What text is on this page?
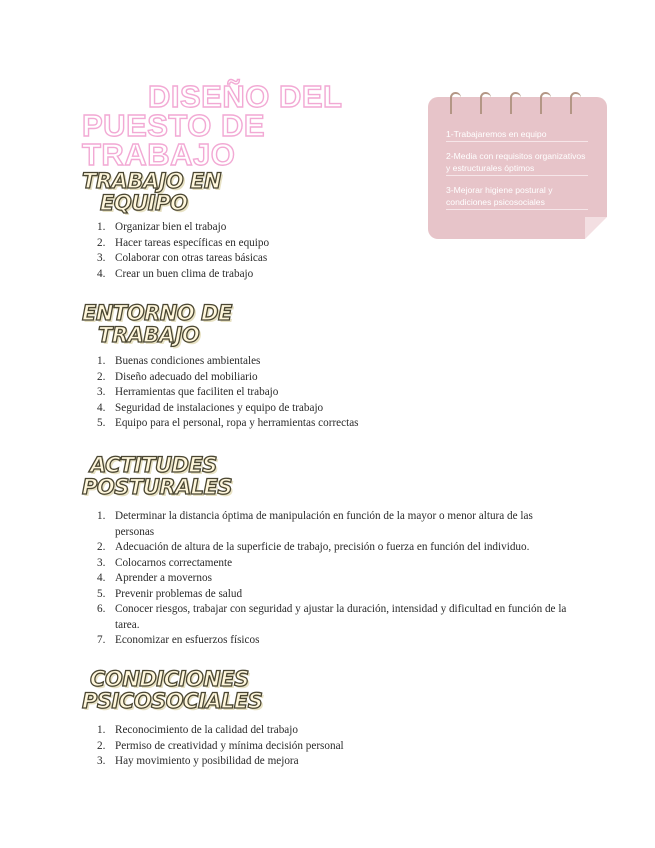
DISEÑO DEL
PUESTO DE TRABAJO
1-Trabajaremos en equipo
2-Media con requisitos organizativos y estructurales óptimos
3-Mejorar higiene postural y condiciones psicosociales
TRABAJO EN
EQUIPO
1. Organizar bien el trabajo
2. Hacer tareas específicas en equipo
3. Colaborar con otras tareas básicas
4. Crear un buen clima de trabajo
ENTORNO DE
TRABAJO
1. Buenas condiciones ambientales
2. Diseño adecuado del mobiliario
3. Herramientas que faciliten el trabajo
4. Seguridad de instalaciones y equipo de trabajo
5. Equipo para el personal, ropa y herramientas correctas
ACTITUDES
POSTURALES
1. Determinar la distancia óptima de manipulación en función de la mayor o menor altura de las personas
2. Adecuación de altura de la superficie de trabajo, precisión o fuerza en función del individuo.
3. Colocarnos correctamente
4. Aprender a movernos
5. Prevenir problemas de salud
6. Conocer riesgos, trabajar con seguridad y ajustar la duración, intensidad y dificultad en función de la tarea.
7. Economizar en esfuerzos físicos
CONDICIONES
PSICOSOCIALES
1. Reconocimiento de la calidad del trabajo
2. Permiso de creatividad y mínima decisión personal
3. Hay movimiento y posibilidad de mejora
